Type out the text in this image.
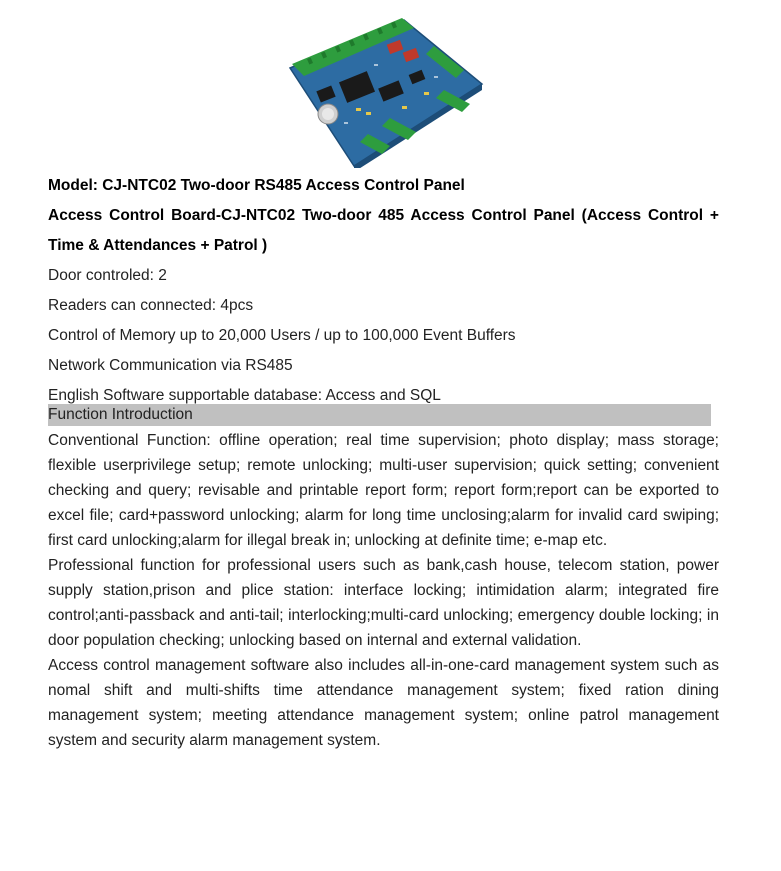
Model: CJ-NTC02 Two-door RS485 Access Control Panel

Access Control Board-CJ-NTC02 Two-door 485 Access Control Panel (Access Control + Time & Attendances + Patrol )

Door controled: 2

Readers can connected: 4pcs

Control of Memory up to 20,000 Users / up to 100,000 Event Buffers

Network Communication via RS485

English Software supportable database: Access and SQL

Function Introduction

Conventional Function: offline operation; real time supervision; photo display; mass storage; flexible userprivilege setup; remote unlocking; multi-user supervision; quick setting; convenient checking and query; revisable and printable report form; report form;report can be exported to excel file; card+password unlocking; alarm for long time unclosing;alarm for invalid card swiping; first card unlocking;alarm for illegal break in; unlocking at definite time; e-map etc.

Professional function for professional users such as bank,cash house, telecom station, power supply station,prison and plice station: interface locking; intimidation alarm; integrated fire control;anti-passback and anti-tail; interlocking;multi-card unlocking; emergency double locking; in door population checking; unlocking based on internal and external validation.

Access control management software also includes all-in-one-card management system such as nomal shift and multi-shifts time attendance management system; fixed ration dining management system; meeting attendance management system; online patrol management system and security alarm management system.
